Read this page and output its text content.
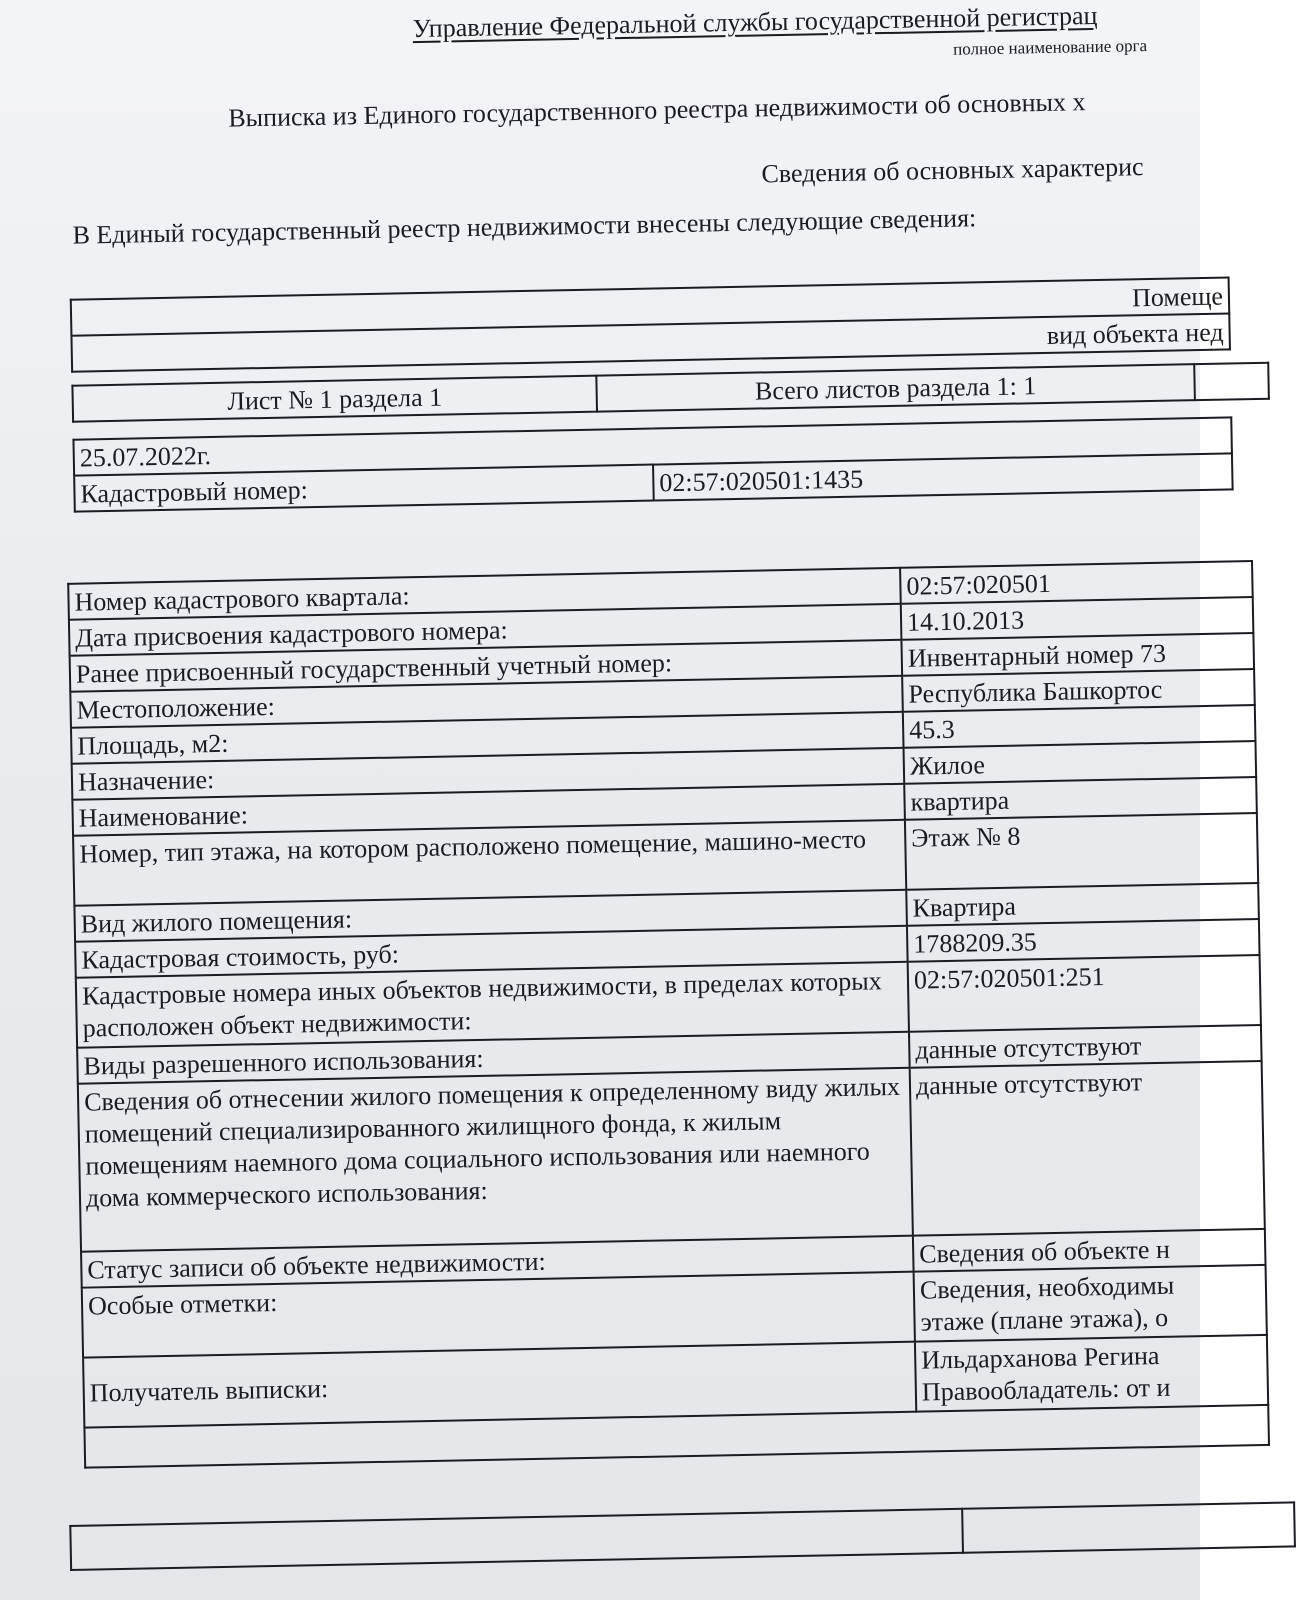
Управление Федеральной службы государственной регистрац
полное наименование орга
Выписка из Единого государственного реестра недвижимости об основных х
Сведения об основных характерис
В Единый государственный реестр недвижимости внесены следующие сведения:
Помеще
вид объекта нед
Лист № 1 раздела 1	Всего листов раздела 1: 1	
25.07.2022г.
Кадастровый номер:	02:57:020501:1435
Номер кадастрового квартала:	02:57:020501
Дата присвоения кадастрового номера:	14.10.2013
Ранее присвоенный государственный учетный номер:	Инвентарный номер 73
Местоположение:	Республика Башкортос
Площадь, м2:	45.3
Назначение:	Жилое
Наименование:	квартира
Номер, тип этажа, на котором расположено помещение, машино-место	Этаж № 8
Вид жилого помещения:	Квартира
Кадастровая стоимость, руб:	1788209.35
Кадастровые номера иных объектов недвижимости, в пределах которых расположен объект недвижимости:	02:57:020501:251
Виды разрешенного использования:	данные отсутствуют
Сведения об отнесении жилого помещения к определенному виду жилых помещений специализированного жилищного фонда, к жилым помещениям наемного дома социального использования или наемного дома коммерческого использования:	данные отсутствуют
Статус записи об объекте недвижимости:	Сведения об объекте н
Особые отметки:	Сведения, необходимы
этаже (плане этажа), о

Получатель выписки:	Ильдарханова Регина
Правообладатель: от и
